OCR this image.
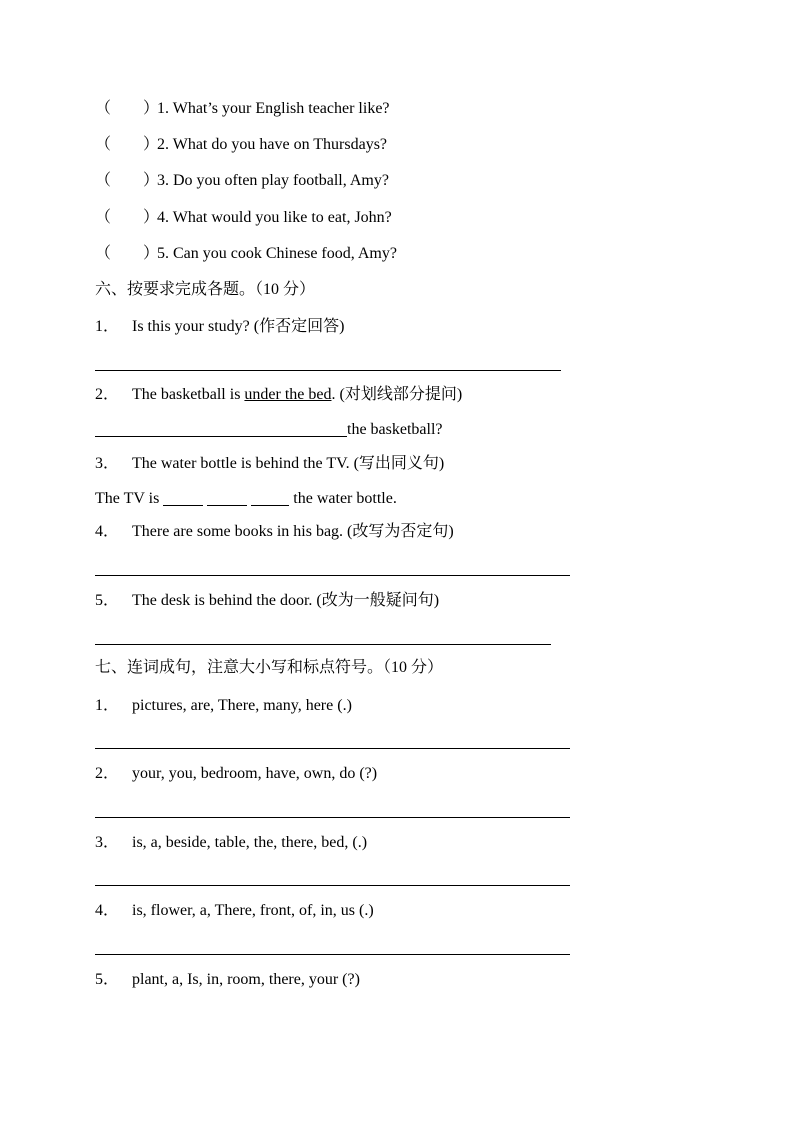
（　　）1. What’s your English teacher like?
（　　）2. What do you have on Thursdays?
（　　）3. Do you often play football, Amy?
（　　）4. What would you like to eat, John?
（　　）5. Can you cook Chinese food, Amy?
六、按要求完成各题。（10 分）
1． Is this your study? (作否定回答)
2． The basketball is under the bed. (对划线部分提问)
the basketball?
3． The water bottle is behind the TV. (写出同义句)
The TV is	the water bottle.
4． There are some books in his bag. (改写为否定句)
5． The desk is behind the door. (改为一般疑问句)
七、连词成句，注意大小写和标点符号。（10 分）
1． pictures, are, There, many, here (.)
2． your, you, bedroom, have, own, do (?)
3． is, a, beside, table, the, there, bed, (.)
4． is, flower, a, There, front, of, in, us (.)
5． plant, a, Is, in, room, there, your (?)
